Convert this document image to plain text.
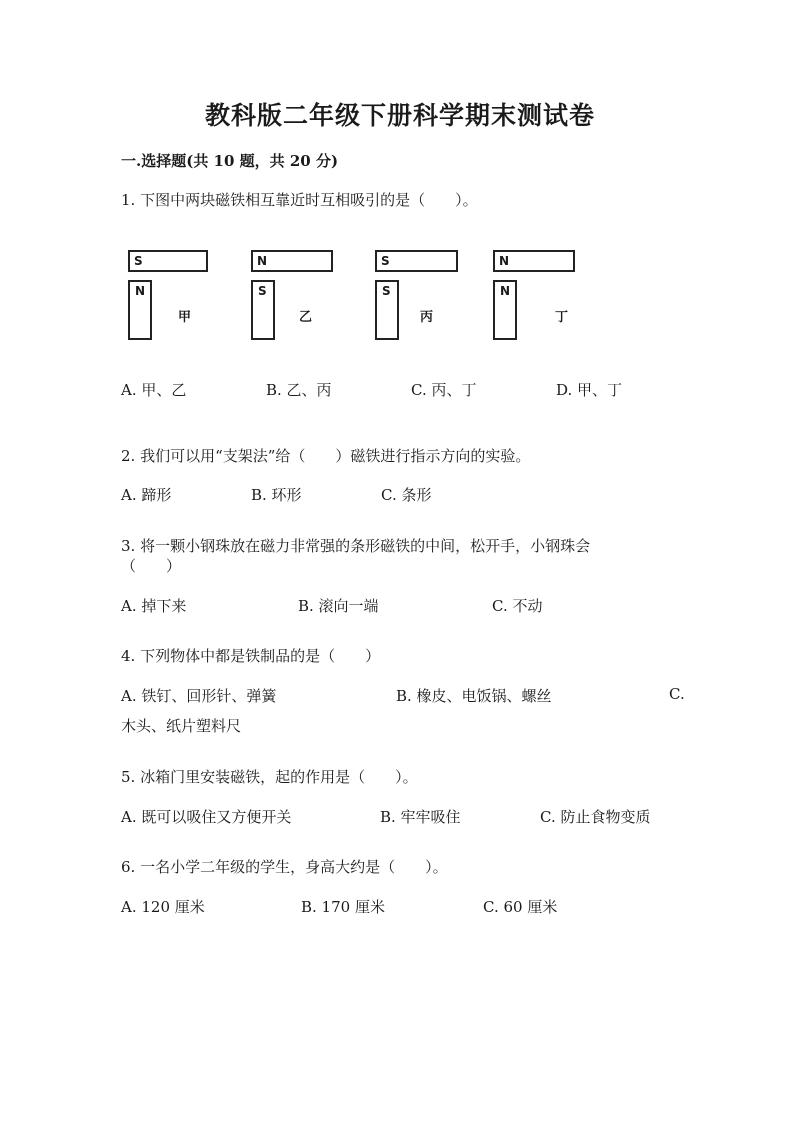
教科版二年级下册科学期末测试卷
一.选择题(共 10 题，共 20 分)
1. 下图中两块磁铁相互靠近时互相吸引的是（　　）。
S
N
甲
N
S
乙
S
S
丙
N
N
丁
A. 甲、乙	B. 乙、丙	C. 丙、丁	D. 甲、丁
2. 我们可以用“支架法”给（　　）磁铁进行指示方向的实验。
A. 蹄形	B. 环形	C. 条形
3. 将一颗小钢珠放在磁力非常强的条形磁铁的中间，松开手，小钢珠会
（　　）
A. 掉下来	B. 滚向一端	C. 不动
4. 下列物体中都是铁制品的是（　　）
A. 铁钉、回形针、弹簧	B. 橡皮、电饭锅、螺丝	C.
木头、纸片塑料尺
5. 冰箱门里安装磁铁，起的作用是（　　）。
A. 既可以吸住又方便开关	B. 牢牢吸住	C. 防止食物变质
6. 一名小学二年级的学生，身高大约是（　　）。
A. 120 厘米	B. 170 厘米	C. 60 厘米
